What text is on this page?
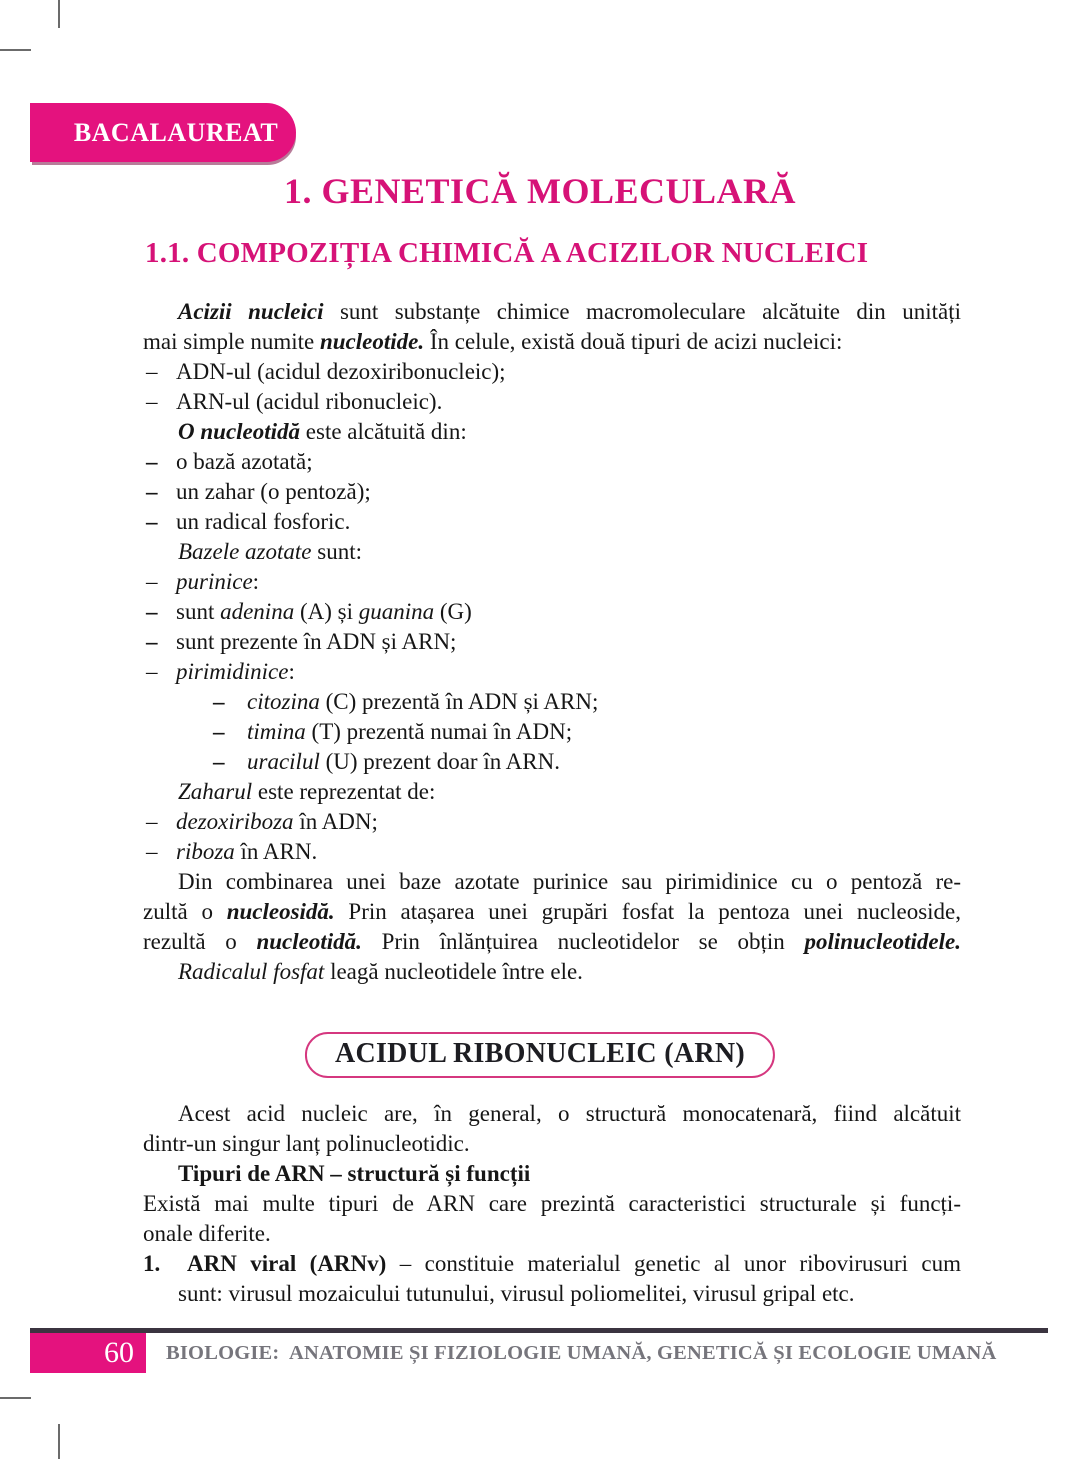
BACALAUREAT
1. GENETICĂ MOLECULARĂ
1.1. COMPOZIȚIA CHIMICĂ A ACIZILOR NUCLEICI
Acizii nucleici sunt substanțe chimice macromoleculare alcătuite din unități
mai simple numite nucleotide. În celule, există două tipuri de acizi nucleici:
– ADN-ul (acidul dezoxiribonucleic);
– ARN-ul (acidul ribonucleic).
O nucleotidă este alcătuită din:
– o bază azotată;
– un zahar (o pentoză);
– un radical fosforic.
Bazele azotate sunt:
– purinice:
– sunt adenina (A) și guanina (G)
– sunt prezente în ADN și ARN;
– pirimidinice:
– citozina (C) prezentă în ADN și ARN;
– timina (T) prezentă numai în ADN;
– uracilul (U) prezent doar în ARN.
Zaharul este reprezentat de:
– dezoxiriboza în ADN;
– riboza în ARN.
Din combinarea unei baze azotate purinice sau pirimidinice cu o pentoză re-
zultă o nucleosidă. Prin atașarea unei grupări fosfat la pentoza unei nucleoside,
rezultă o nucleotidă. Prin înlănțuirea nucleotidelor se obțin polinucleotidele.
Radicalul fosfat leagă nucleotidele între ele.
ACIDUL RIBONUCLEIC (ARN)
Acest acid nucleic are, în general, o structură monocatenară, fiind alcătuit
dintr-un singur lanț polinucleotidic.
Tipuri de ARN – structură și funcții
Există mai multe tipuri de ARN care prezintă caracteristici structurale și funcți-
onale diferite.
1. ARN viral (ARNv) – constituie materialul genetic al unor ribovirusuri cum
sunt: virusul mozaicului tutunului, virusul poliomelitei, virusul gripal etc.
60 BIOLOGIE:  ANATOMIE ȘI FIZIOLOGIE UMANĂ, GENETICĂ ȘI ECOLOGIE UMANĂ
